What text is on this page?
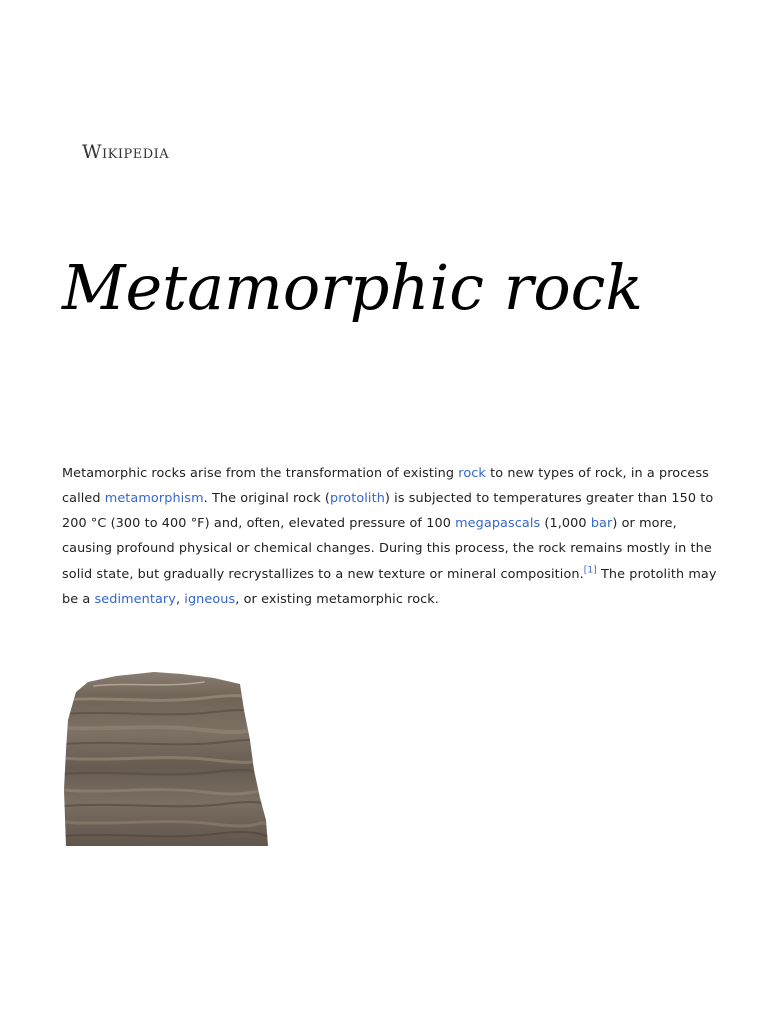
Wikipedia
Metamorphic rock

Metamorphic rocks arise from the transformation of existing rock to new types of rock, in a process called metamorphism. The original rock (protolith) is subjected to temperatures greater than 150 to 200 °C (300 to 400 °F) and, often, elevated pressure of 100 megapascals (1,000 bar) or more, causing profound physical or chemical changes. During this process, the rock remains mostly in the solid state, but gradually recrystallizes to a new texture or mineral composition.[1] The protolith may be a sedimentary, igneous, or existing metamorphic rock.
